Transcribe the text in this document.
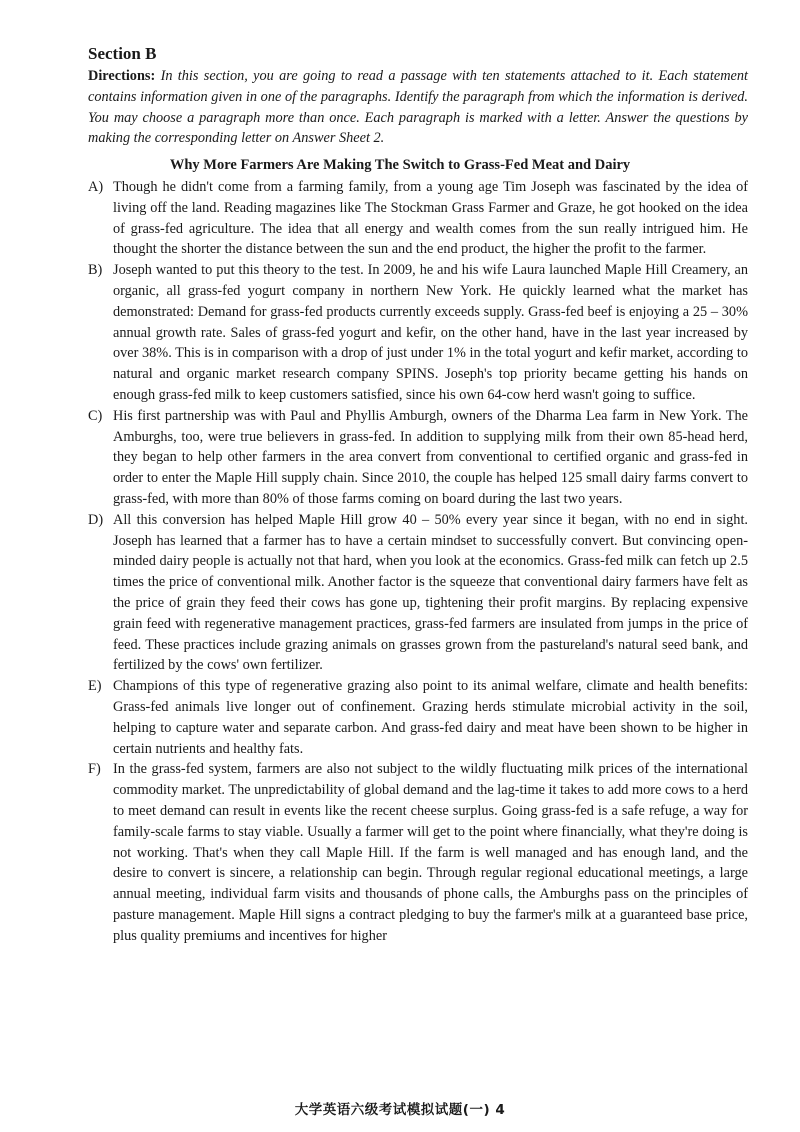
Section B
Directions: In this section, you are going to read a passage with ten statements attached to it. Each statement contains information given in one of the paragraphs. Identify the paragraph from which the information is derived. You may choose a paragraph more than once. Each paragraph is marked with a letter. Answer the questions by making the corresponding letter on Answer Sheet 2.
Why More Farmers Are Making The Switch to Grass-Fed Meat and Dairy
A) Though he didn't come from a farming family, from a young age Tim Joseph was fascinated by the idea of living off the land. Reading magazines like The Stockman Grass Farmer and Graze, he got hooked on the idea of grass-fed agriculture. The idea that all energy and wealth comes from the sun really intrigued him. He thought the shorter the distance between the sun and the end product, the higher the profit to the farmer.
B) Joseph wanted to put this theory to the test. In 2009, he and his wife Laura launched Maple Hill Creamery, an organic, all grass-fed yogurt company in northern New York. He quickly learned what the market has demonstrated: Demand for grass-fed products currently exceeds supply. Grass-fed beef is enjoying a 25 – 30% annual growth rate. Sales of grass-fed yogurt and kefir, on the other hand, have in the last year increased by over 38%. This is in comparison with a drop of just under 1% in the total yogurt and kefir market, according to natural and organic market research company SPINS. Joseph's top priority became getting his hands on enough grass-fed milk to keep customers satisfied, since his own 64-cow herd wasn't going to suffice.
C) His first partnership was with Paul and Phyllis Amburgh, owners of the Dharma Lea farm in New York. The Amburghs, too, were true believers in grass-fed. In addition to supplying milk from their own 85-head herd, they began to help other farmers in the area convert from conventional to certified organic and grass-fed in order to enter the Maple Hill supply chain. Since 2010, the couple has helped 125 small dairy farms convert to grass-fed, with more than 80% of those farms coming on board during the last two years.
D) All this conversion has helped Maple Hill grow 40 – 50% every year since it began, with no end in sight. Joseph has learned that a farmer has to have a certain mindset to successfully convert. But convincing open-minded dairy people is actually not that hard, when you look at the economics. Grass-fed milk can fetch up 2.5 times the price of conventional milk. Another factor is the squeeze that conventional dairy farmers have felt as the price of grain they feed their cows has gone up, tightening their profit margins. By replacing expensive grain feed with regenerative management practices, grass-fed farmers are insulated from jumps in the price of feed. These practices include grazing animals on grasses grown from the pastureland's natural seed bank, and fertilized by the cows' own fertilizer.
E) Champions of this type of regenerative grazing also point to its animal welfare, climate and health benefits: Grass-fed animals live longer out of confinement. Grazing herds stimulate microbial activity in the soil, helping to capture water and separate carbon. And grass-fed dairy and meat have been shown to be higher in certain nutrients and healthy fats.
F) In the grass-fed system, farmers are also not subject to the wildly fluctuating milk prices of the international commodity market. The unpredictability of global demand and the lag-time it takes to add more cows to a herd to meet demand can result in events like the recent cheese surplus. Going grass-fed is a safe refuge, a way for family-scale farms to stay viable. Usually a farmer will get to the point where financially, what they're doing is not working. That's when they call Maple Hill. If the farm is well managed and has enough land, and the desire to convert is sincere, a relationship can begin. Through regular regional educational meetings, a large annual meeting, individual farm visits and thousands of phone calls, the Amburghs pass on the principles of pasture management. Maple Hill signs a contract pledging to buy the farmer's milk at a guaranteed base price, plus quality premiums and incentives for higher
大学英语六级考试模拟试题(一) 4
